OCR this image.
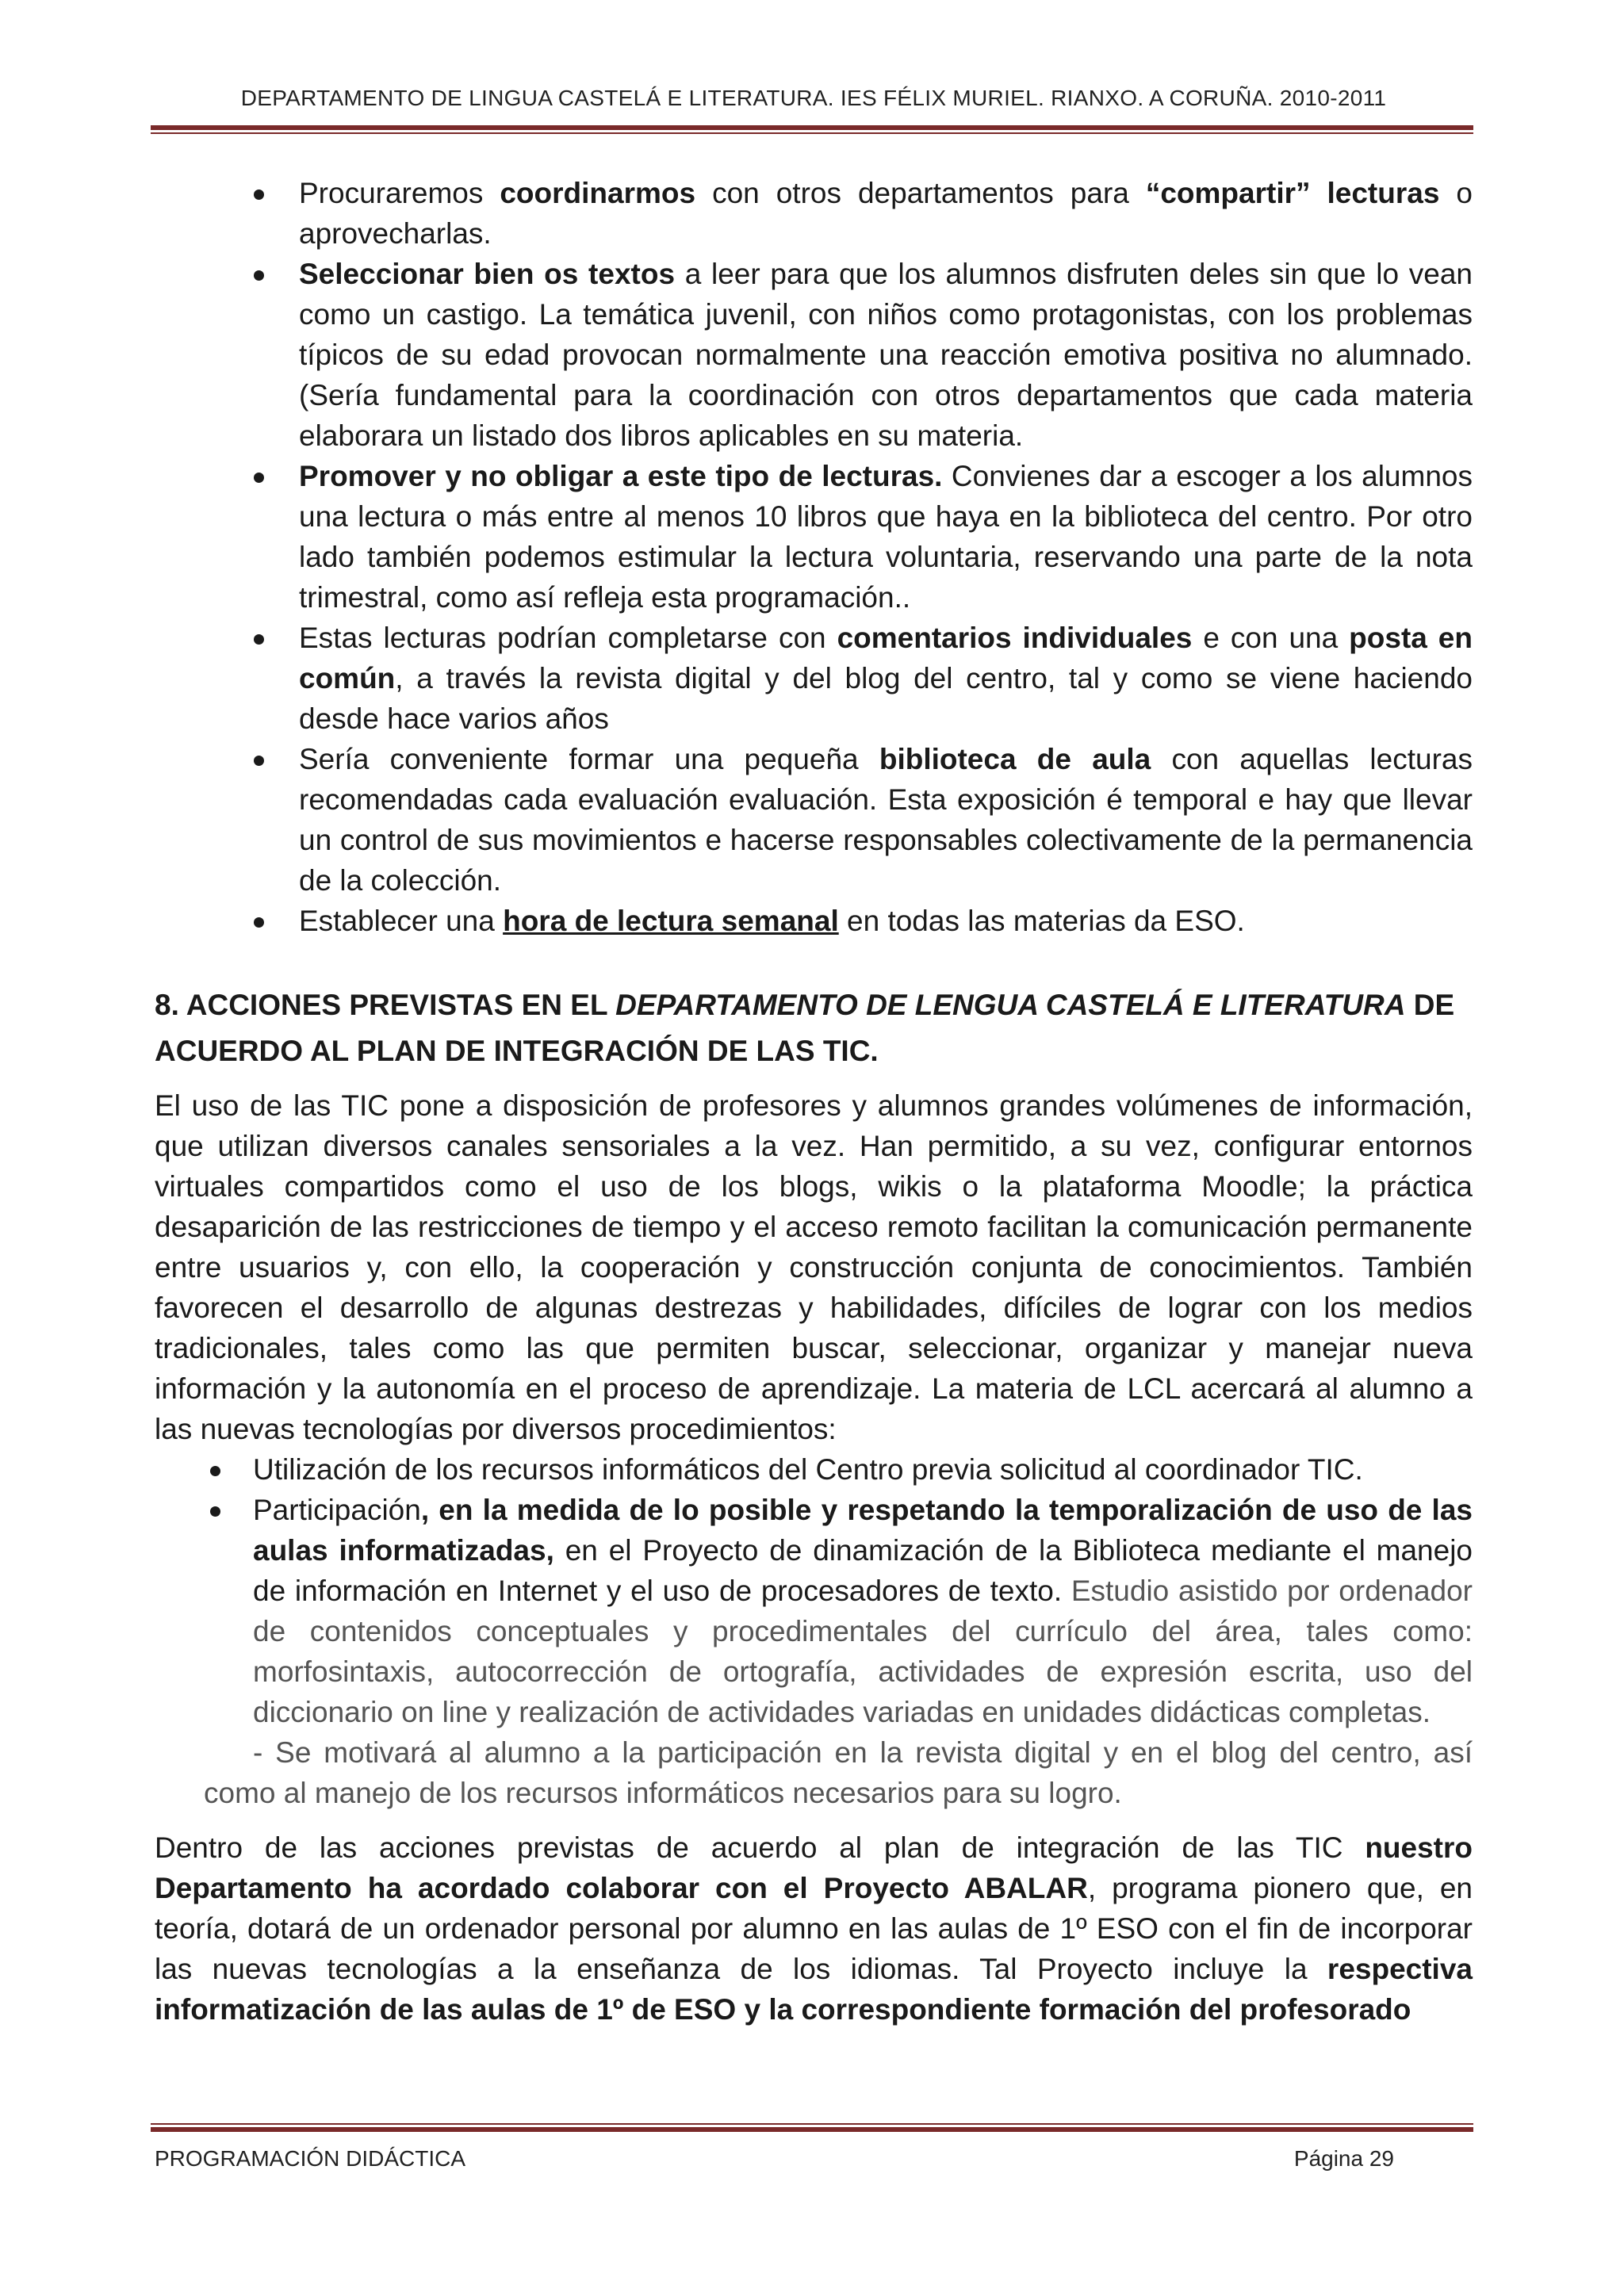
DEPARTAMENTO DE LINGUA CASTELÁ E LITERATURA. IES FÉLIX MURIEL. RIANXO. A CORUÑA. 2010-2011
Procuraremos coordinarmos con otros departamentos para “compartir” lecturas o aprovecharlas.
Seleccionar bien os textos a leer para que los alumnos disfruten deles sin que lo vean como un castigo. La temática juvenil, con niños como protagonistas, con los problemas típicos de su edad provocan normalmente una reacción emotiva positiva no alumnado. (Sería fundamental para la coordinación con otros departamentos que cada materia elaborara un listado dos libros aplicables en su materia.
Promover y no obligar a este tipo de lecturas. Convienes dar a escoger a los alumnos una lectura o más entre al menos 10 libros que haya en la biblioteca del centro. Por otro lado también podemos estimular la lectura voluntaria, reservando una parte de la nota trimestral, como así refleja esta programación..
Estas lecturas podrían completarse con comentarios individuales e con una posta en común, a través la revista digital y del blog del centro, tal y como se viene haciendo desde hace varios años
Sería conveniente formar una pequeña biblioteca de aula con aquellas lecturas recomendadas cada evaluación evaluación. Esta exposición é temporal e hay que llevar un control de sus movimientos e hacerse responsables colectivamente de la permanencia de la colección.
Establecer una hora de lectura semanal en todas las materias da ESO.
8. ACCIONES PREVISTAS EN EL DEPARTAMENTO DE LENGUA CASTELÁ E LITERATURA DE ACUERDO AL PLAN DE INTEGRACIÓN DE LAS TIC.
El uso de las TIC pone a disposición de profesores y alumnos grandes volúmenes de información, que utilizan diversos canales sensoriales a la vez. Han permitido, a su vez, configurar entornos virtuales compartidos como el uso de los blogs, wikis o la plataforma Moodle; la práctica desaparición de las restricciones de tiempo y el acceso remoto facilitan la comunicación permanente entre usuarios y, con ello, la cooperación y construcción conjunta de conocimientos. También favorecen el desarrollo de algunas destrezas y habilidades, difíciles de lograr con los medios tradicionales, tales como las que permiten buscar, seleccionar, organizar y manejar nueva información y la autonomía en el proceso de aprendizaje. La materia de LCL acercará al alumno a las nuevas tecnologías por diversos procedimientos:
Utilización de los recursos informáticos del Centro previa solicitud al coordinador TIC.
Participación, en la medida de lo posible y respetando la temporalización de uso de las aulas informatizadas, en el Proyecto de dinamización de la Biblioteca mediante el manejo de información en Internet y el uso de procesadores de texto. Estudio asistido por ordenador de contenidos conceptuales y procedimentales del currículo del área, tales como: morfosintaxis, autocorrección de ortografía, actividades de expresión escrita, uso del diccionario on line y realización de actividades variadas en unidades didácticas completas.
- Se motivará al alumno a la participación en la revista digital y en el blog del centro, así como al manejo de los recursos informáticos necesarios para su logro.
Dentro de las acciones previstas de acuerdo al plan de integración de las TIC nuestro Departamento ha acordado colaborar con el Proyecto ABALAR, programa pionero que, en teoría, dotará de un ordenador personal por alumno en las aulas de 1º ESO con el fin de incorporar las nuevas tecnologías a la enseñanza de los idiomas. Tal Proyecto incluye la respectiva informatización de las aulas de 1º de ESO y la correspondiente formación del profesorado
PROGRAMACIÓN DIDÁCTICA	Página 29
